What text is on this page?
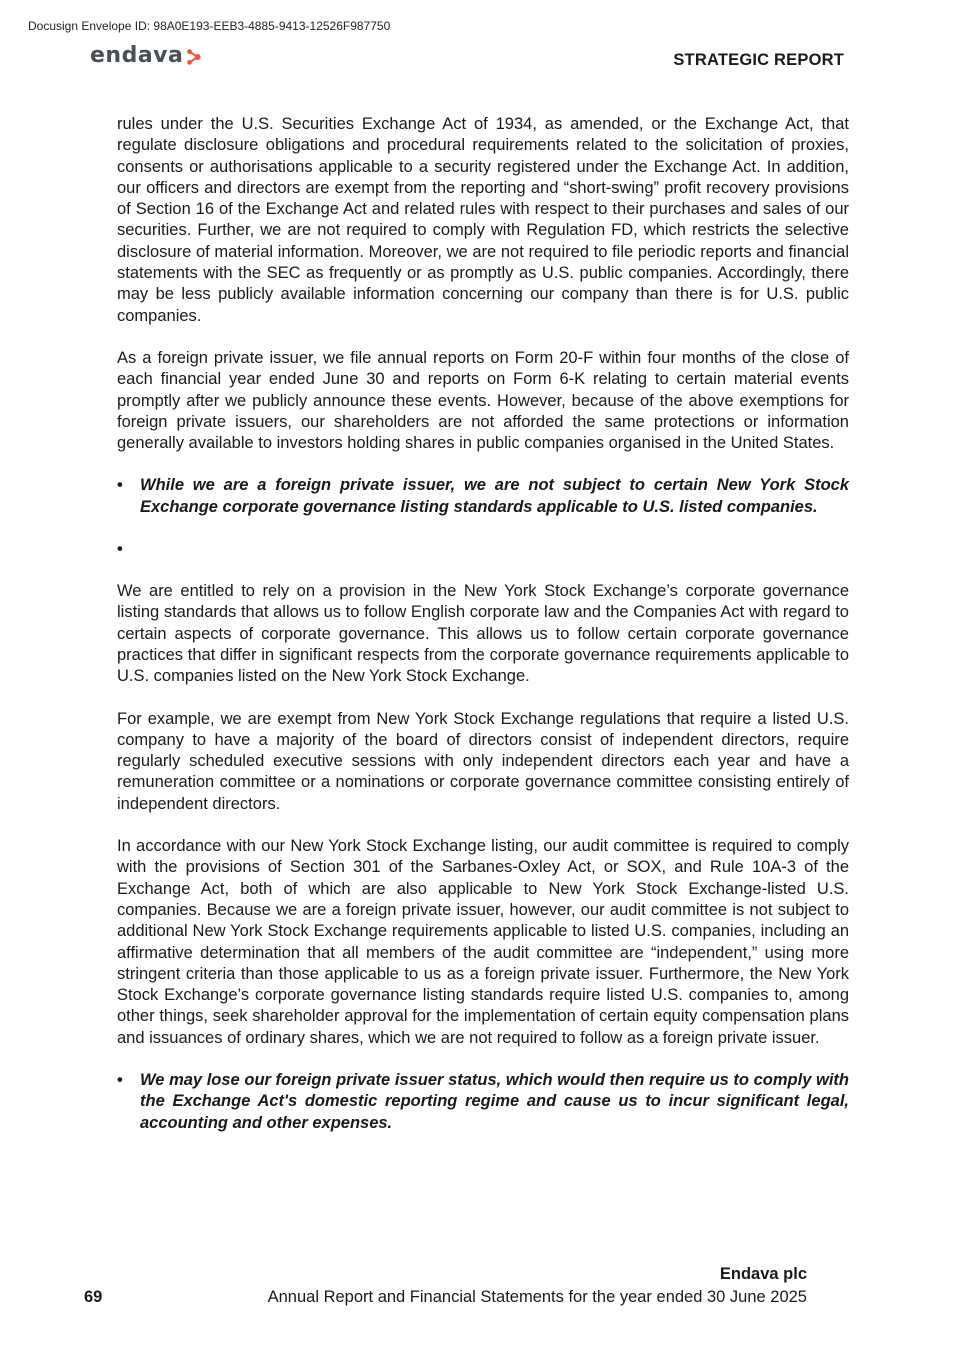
Docusign Envelope ID: 98A0E193-EEB3-4885-9413-12526F987750
endava	STRATEGIC REPORT

rules under the U.S. Securities Exchange Act of 1934, as amended, or the Exchange Act, that regulate disclosure obligations and procedural requirements related to the solicitation of proxies, consents or authorisations applicable to a security registered under the Exchange Act. In addition, our officers and directors are exempt from the reporting and “short-swing” profit recovery provisions of Section 16 of the Exchange Act and related rules with respect to their purchases and sales of our securities. Further, we are not required to comply with Regulation FD, which restricts the selective disclosure of material information. Moreover, we are not required to file periodic reports and financial statements with the SEC as frequently or as promptly as U.S. public companies. Accordingly, there may be less publicly available information concerning our company than there is for U.S. public companies.

As a foreign private issuer, we file annual reports on Form 20-F within four months of the close of each financial year ended June 30 and reports on Form 6-K relating to certain material events promptly after we publicly announce these events. However, because of the above exemptions for foreign private issuers, our shareholders are not afforded the same protections or information generally available to investors holding shares in public companies organised in the United States.

•	While we are a foreign private issuer, we are not subject to certain New York Stock Exchange corporate governance listing standards applicable to U.S. listed companies.
•

We are entitled to rely on a provision in the New York Stock Exchange’s corporate governance listing standards that allows us to follow English corporate law and the Companies Act with regard to certain aspects of corporate governance. This allows us to follow certain corporate governance practices that differ in significant respects from the corporate governance requirements applicable to U.S. companies listed on the New York Stock Exchange.

For example, we are exempt from New York Stock Exchange regulations that require a listed U.S. company to have a majority of the board of directors consist of independent directors, require regularly scheduled executive sessions with only independent directors each year and have a remuneration committee or a nominations or corporate governance committee consisting entirely of independent directors.

In accordance with our New York Stock Exchange listing, our audit committee is required to comply with the provisions of Section 301 of the Sarbanes-Oxley Act, or SOX, and Rule 10A-3 of the Exchange Act, both of which are also applicable to New York Stock Exchange-listed U.S. companies. Because we are a foreign private issuer, however, our audit committee is not subject to additional New York Stock Exchange requirements applicable to listed U.S. companies, including an affirmative determination that all members of the audit committee are “independent,” using more stringent criteria than those applicable to us as a foreign private issuer. Furthermore, the New York Stock Exchange’s corporate governance listing standards require listed U.S. companies to, among other things, seek shareholder approval for the implementation of certain equity compensation plans and issuances of ordinary shares, which we are not required to follow as a foreign private issuer.

•	We may lose our foreign private issuer status, which would then require us to comply with the Exchange Act's domestic reporting regime and cause us to incur significant legal, accounting and other expenses.
Endava plc
69	Annual Report and Financial Statements for the year ended 30 June 2025
